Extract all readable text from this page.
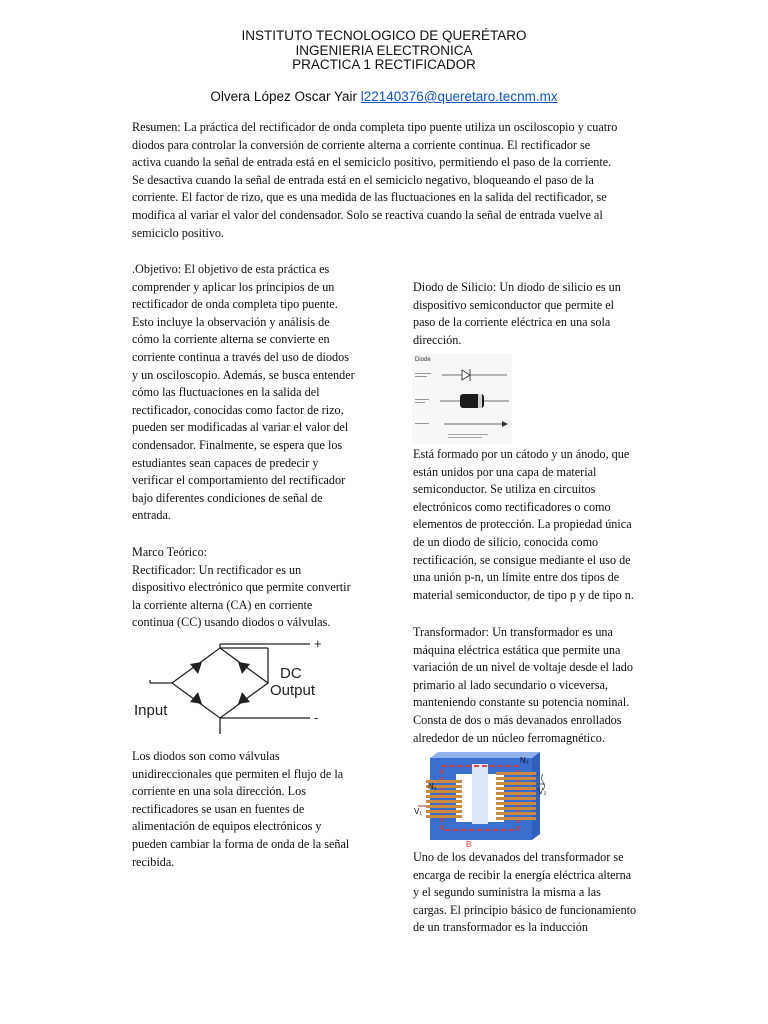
INSTITUTO TECNOLOGICO DE QUERÉTARO
INGENIERIA ELECTRONICA
PRACTICA 1 RECTIFICADOR
Olvera López Oscar Yair l22140376@queretaro.tecnm.mx
Resumen: La práctica del rectificador de onda completa tipo puente utiliza un osciloscopio y cuatro
diodos para controlar la conversión de corriente alterna a corriente continua. El rectificador se
activa cuando la señal de entrada está en el semiciclo positivo, permitiendo el paso de la corriente.
Se desactiva cuando la señal de entrada está en el semiciclo negativo, bloqueando el paso de la
corriente. El factor de rizo, que es una medida de las fluctuaciones en la salida del rectificador, se
modifica al variar el valor del condensador. Solo se reactiva cuando la señal de entrada vuelve al
semiciclo positivo.
.Objetivo: El objetivo de esta práctica es
comprender y aplicar los principios de un
rectificador de onda completa tipo puente.
Esto incluye la observación y análisis de
cómo la corriente alterna se convierte en
corriente continua a través del uso de diodos
y un osciloscopio. Además, se busca entender
cómo las fluctuaciones en la salida del
rectificador, conocidas como factor de rizo,
pueden ser modificadas al variar el valor del
condensador. Finalmente, se espera que los
estudiantes sean capaces de predecir y
verificar el comportamiento del rectificador
bajo diferentes condiciones de señal de
entrada.
Marco Teórico:
Rectificador: Un rectificador es un
dispositivo electrónico que permite convertir
la corriente alterna (CA) en corriente
continua (CC) usando diodos o válvulas.
Input
DC
Output
+
-
Los diodos son como válvulas
unidireccionales que permiten el flujo de la
corriente en una sola dirección. Los
rectificadores se usan en fuentes de
alimentación de equipos electrónicos y
pueden cambiar la forma de onda de la señal
recibida.
Diodo de Silicio: Un diodo de silicio es un
dispositivo semiconductor que permite el
paso de la corriente eléctrica en una sola
dirección.
Diode
Está formado por un cátodo y un ánodo, que
están unidos por una capa de material
semiconductor. Se utiliza en circuitos
electrónicos como rectificadores o como
elementos de protección. La propiedad única
de un diodo de silicio, conocida como
rectificación, se consigue mediante el uso de
una unión p-n, un límite entre dos tipos de
material semiconductor, de tipo p y de tipo n.
Transformador: Un transformador es una
máquina eléctrica estática que permite una
variación de un nivel de voltaje desde el lado
primario al lado secundario o viceversa,
manteniendo constante su potencia nominal.
Consta de dos o más devanados enrollados
alrededor de un núcleo ferromagnético.
N₁
N₂
V₁
V₂
B
Uno de los devanados del transformador se
encarga de recibir la energía eléctrica alterna
y el segundo suministra la misma a las
cargas. El principio básico de funcionamiento
de un transformador es la inducción
